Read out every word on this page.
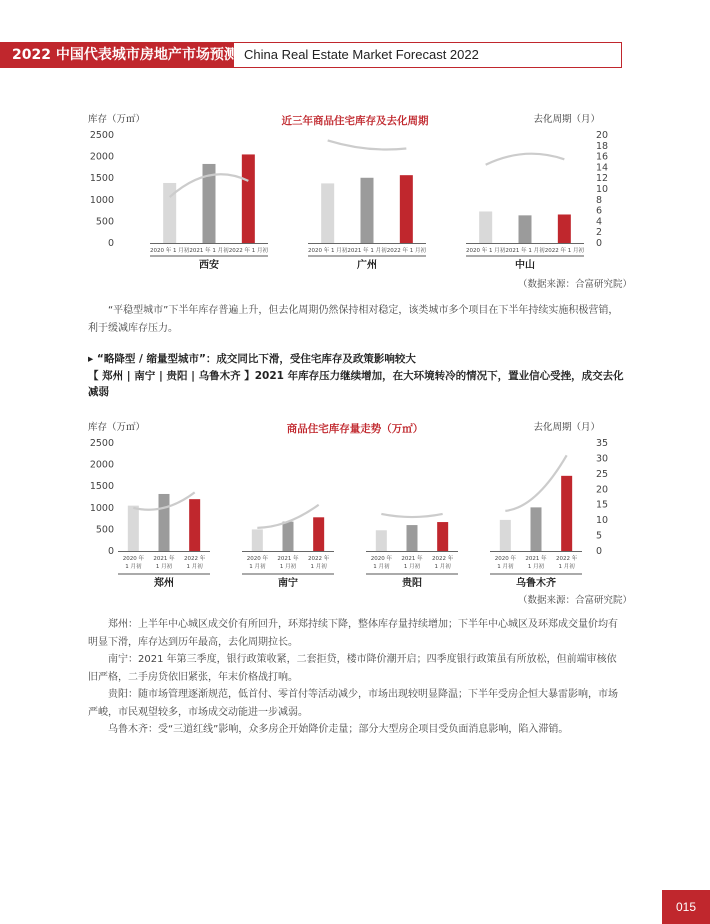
2022 中国代表城市房地产市场预测 China Real Estate Market Forecast 2022
库存（万㎡）	去化周期（月）
近三年商品住宅库存及去化周期
2500
2000
1500
1000
500
0
20
18
16
14
12
10
8
6
4
2
0
2020 年 1 月初 2021 年 1 月初 2022 年 1 月初
西安
2020 年 1 月初 2021 年 1 月初 2022 年 1 月初
广州
2020 年 1 月初 2021 年 1 月初 2022 年 1 月初
中山
（数据来源：合富研究院）
“平稳型城市”下半年库存普遍上升，但去化周期仍然保持相对稳定，该类城市多个项目在下半年持续实施积极营销，利于缓减库存压力。
▸ “略降型 / 缩量型城市”：成交同比下滑，受住宅库存及政策影响较大
【 郑州 | 南宁 | 贵阳 | 乌鲁木齐 】2021 年库存压力继续增加，在大环境转冷的情况下，置业信心受挫，成交去化减弱
库存（万㎡）	去化周期（月）
商品住宅库存量走势（万㎡）
2500
2000
1500
1000
500
0
35
30
25
20
15
10
5
0
2020 年
1 月初
2021 年
1 月初
2022 年
1 月初
郑州
2020 年
1 月初
2021 年
1 月初
2022 年
1 月初
南宁
2020 年
1 月初
2021 年
1 月初
2022 年
1 月初
贵阳
2020 年
1 月初
2021 年
1 月初
2022 年
1 月初
乌鲁木齐
（数据来源：合富研究院）
郑州：上半年中心城区成交价有所回升，环郑持续下降，整体库存量持续增加；下半年中心城区及环郑成交量价均有明显下滑，库存达到历年最高，去化周期拉长。
南宁：2021 年第三季度，银行政策收紧，二套拒贷，楼市降价潮开启；四季度银行政策虽有所放松，但前端审核依旧严格，二手房贷依旧紧张，年末价格战打响。
贵阳：随市场管理逐渐规范，低首付、零首付等活动减少，市场出现较明显降温；下半年受房企恒大暴雷影响，市场严峻，市民观望较多，市场成交动能进一步减弱。
乌鲁木齐：受“三道红线”影响，众多房企开始降价走量；部分大型房企项目受负面消息影响，陷入滞销。
015
